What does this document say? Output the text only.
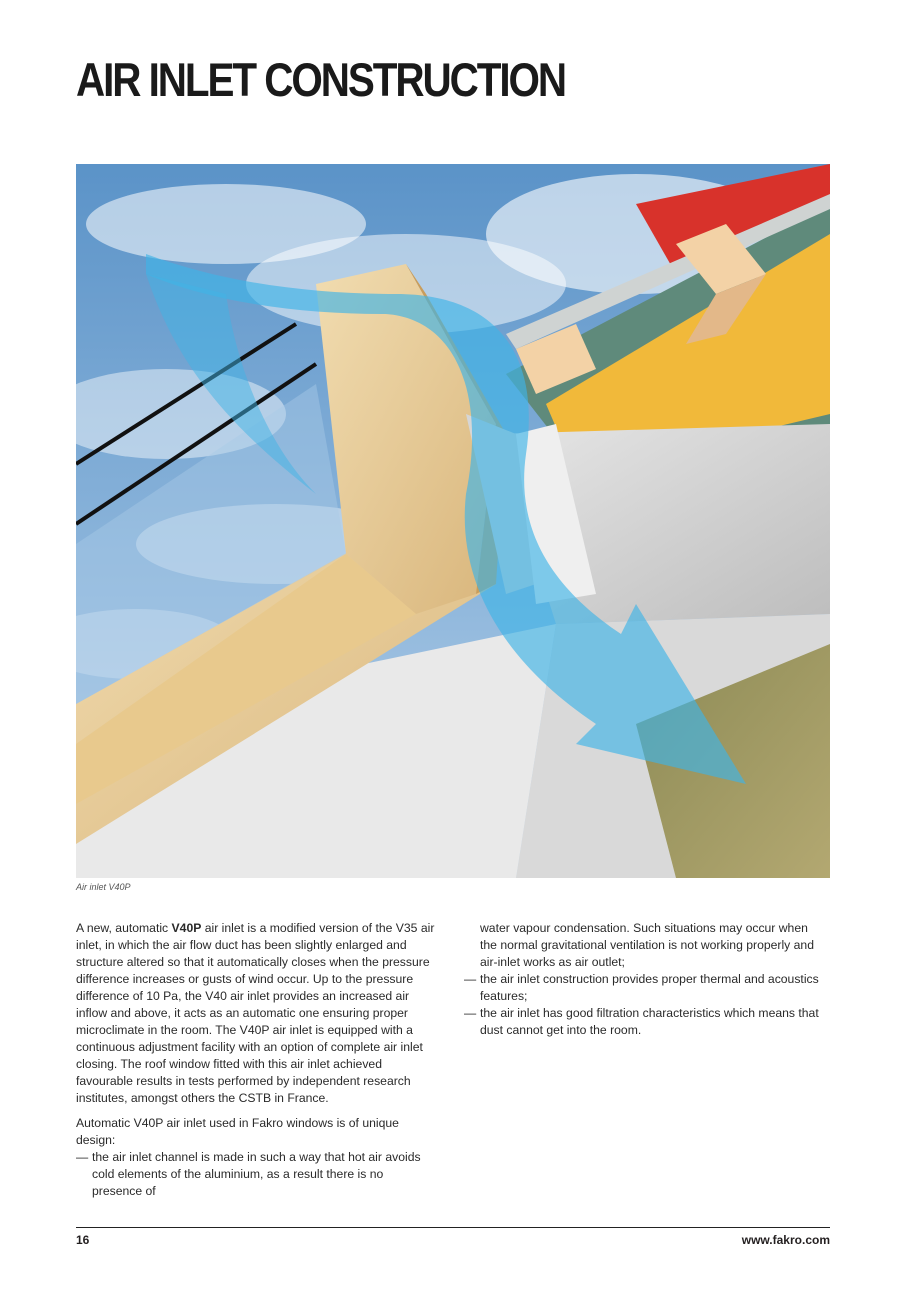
AIR INLET CONSTRUCTION
Air inlet V40P

A new, automatic V40P air inlet is a modified version of the V35 air inlet, in which the air flow duct has been slightly enlarged and structure altered so that it automatically closes when the pressure difference increases or gusts of wind occur. Up to the pressure difference of 10 Pa, the V40 air inlet provides an increased air inflow and above, it acts as an automatic one ensuring proper microclimate in the room. The V40P air inlet is equipped with a continuous adjustment facility with an option of complete air inlet closing. The roof window fitted with this air inlet achieved favourable results in tests performed by independent research institutes, amongst others the CSTB in France.

Automatic V40P air inlet used in Fakro windows is of unique design:
— the air inlet channel is made in such a way that hot air avoids cold elements of the aluminium, as a result there is no presence of
water vapour condensation. Such situations may occur when the normal gravitational ventilation is not working properly and air-inlet works as air outlet;
— the air inlet construction provides proper thermal and acoustics features;
— the air inlet has good filtration characteristics which means that dust cannot get into the room.
16	www.fakro.com
